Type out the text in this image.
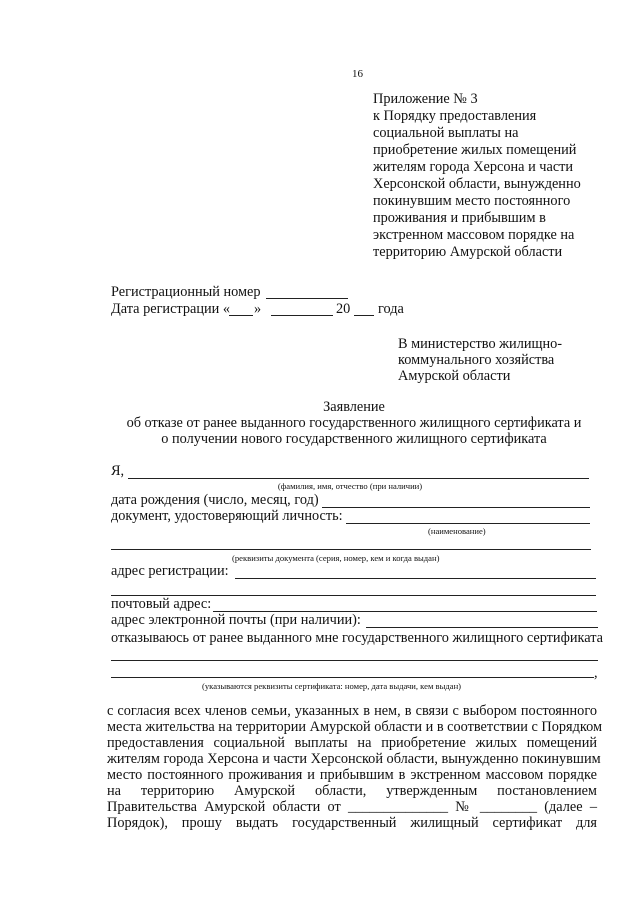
16
Приложение № 3
к Порядку предоставления
социальной выплаты на
приобретение жилых помещений
жителям города Херсона и части
Херсонской области, вынужденно
покинувшим место постоянного
проживания и прибывшим в
экстренном массовом порядке на
территорию Амурской области
Регистрационный номер
Дата регистрации « »	20 года
В министерство жилищно-
коммунального хозяйства
Амурской области
Заявление
об отказе от ранее выданного государственного жилищного сертификата и
о получении нового государственного жилищного сертификата
Я,
(фамилия, имя, отчество (при наличии)
дата рождения (число, месяц, год)
документ, удостоверяющий личность:
(наименование)
(реквизиты документа (серия, номер, кем и когда выдан)
адрес регистрации:
почтовый адрес:
адрес электронной почты (при наличии):
отказываюсь от ранее выданного мне государственного жилищного сертификата
,
(указываются реквизиты сертификата: номер, дата выдачи, кем выдан)
с согласия всех членов семьи, указанных в нем, в связи с выбором постоянного
места жительства на территории Амурской области и в соответствии с Порядком
предоставления социальной выплаты на приобретение жилых помещений
жителям города Херсона и части Херсонской области, вынужденно покинувшим
место постоянного проживания и прибывшим в экстренном массовом порядке
на территорию Амурской области, утвержденным постановлением
Правительства Амурской области от ______________ № ________ (далее –
Порядок), прошу выдать государственный жилищный сертификат для
